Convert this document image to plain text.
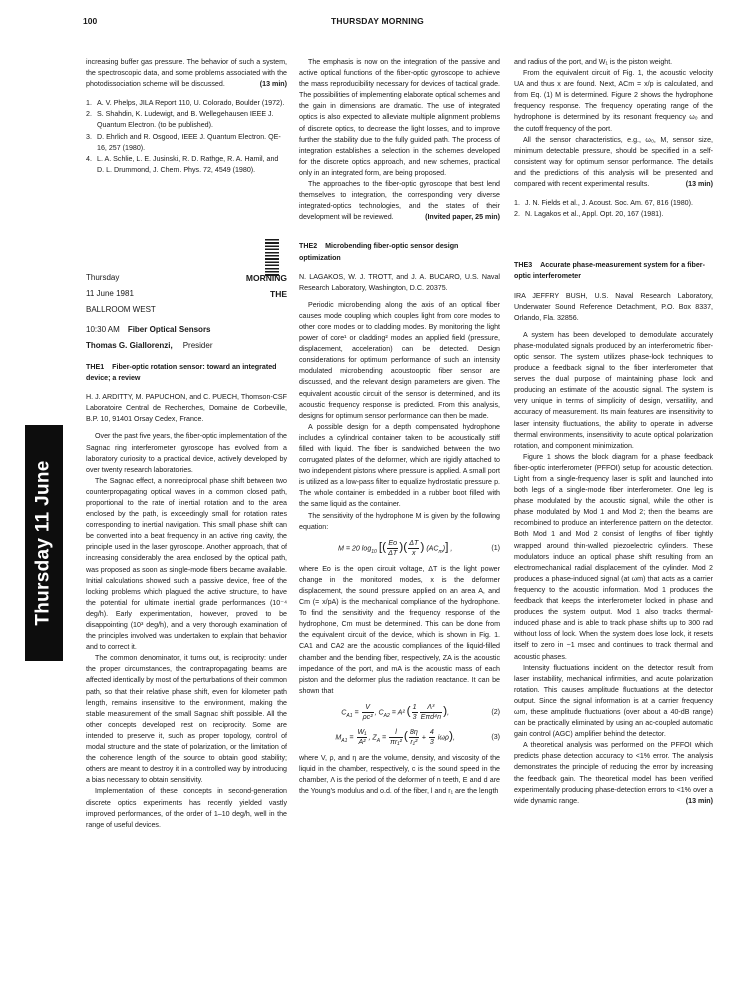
100	THURSDAY MORNING
Thursday 11 June

increasing buffer gas pressure. The behavior of such a system, the spectroscopic data, and some problems associated with the photodissociation scheme will be discussed.	(13 min)

1. A. V. Phelps, JILA Report 110, U. Colorado, Boulder (1972).
2. S. Shahdin, K. Ludewigt, and B. Wellegehausen IEEE J. Quantum Electron. (to be published).
3. D. Ehrlich and R. Osgood, IEEE J. Quantum Electron. QE-16, 257 (1980).
4. L. A. Schlie, L. E. Jusinski, R. D. Rathge, R. A. Hamil, and D. L. Drummond, J. Chem. Phys. 72, 4549 (1980).
Thursday	MORNING
11 June 1981	THE
BALLROOM WEST
10:30 AM Fiber Optical Sensors
Thomas G. Giallorenzi, Presider

THE1 Fiber-optic rotation sensor: toward an integrated device; a review

H. J. ARDITTY, M. PAPUCHON, and C. PUECH, Thomson-CSF Laboratoire Central de Recherches, Domaine de Corbeville, B.P. 10, 91401 Orsay Cedex, France.

Over the past five years, the fiber-optic implementation of the Sagnac ring interferometer gyroscope has evolved from a laboratory curiosity to a practical device, actively developed by over twenty research laboratories.

The Sagnac effect, a nonreciprocal phase shift between two counterpropagating optical waves in a common closed path, proportional to the rate of inertial rotation and to the area enclosed by the path, is exceedingly small for rotation rates corresponding to inertial navigation. This small phase shift can be converted into a beat frequency in an active ring cavity, the principle used in the laser gyroscope. Another approach, that of increasing considerably the area enclosed by the optical path, was proposed as soon as single-mode fibers became available. Initial calculations showed such a passive device, free of the locking problems which plagued the active structure, to have the potential for ultimate inertial grade performances (10⁻⁴ deg/h). Early experimentation, however, proved to be disappointing (10³ deg/h), and a very thorough examination of the principles involved was undertaken to explain that behavior and to correct it.

The common denominator, it turns out, is reciprocity: under the proper circumstances, the contrapropagating beams are affected identically by most of the perturbations of their common path, so that their relative phase shift, even for kilometer path length, remains insensitive to the environment, making the stable measurement of the small Sagnac shift possible. All the other concepts developed rest on reciprocity. Some are intended to preserve it, such as proper topology, control of modal structure and the state of polarization, or the limitation of the coherence length of the source to obtain good stability; others are meant to destroy it in a controlled way by introducing a bias necessary to obtain sensitivity.

Implementation of these concepts in second-generation discrete optics experiments has recently yielded vastly improved performances, of the order of 1–10 deg/h, well in the range of useful devices.

The emphasis is now on the integration of the passive and active optical functions of the fiber-optic gyroscope to achieve the mass reproducibility necessary for devices of tactical grade. The possibilities of implementing elaborate optical schemes and the gain in dimensions are dramatic. The use of integrated optics is also expected to alleviate multiple alignment problems of discrete optics, to decrease the light losses, and to improve further the stability due to the fully guided path. The process of integration establishes a selection in the schemes developed for the discrete optics approach, and new schemes, practical only in an integrated form, are being proposed.

The approaches to the fiber-optic gyroscope that best lend themselves to integration, the corresponding very diverse integrated-optics technologies, and the states of their development will be reviewed.	(Invited paper, 25 min)

THE2 Microbending fiber-optic sensor design optimization

N. LAGAKOS, W. J. TROTT, and J. A. BUCARO, U.S. Naval Research Laboratory, Washington, D.C. 20375.

Periodic microbending along the axis of an optical fiber causes mode coupling which couples light from core modes to other core modes or to cladding modes. By monitoring the light power of core¹ or cladding² modes an applied field (pressure, displacement, acceleration) can be detected. Design considerations for optimum performance of such an intensity modulated microbending acoustooptic fiber sensor are discussed, and the relevant design parameters are given. The equivalent acoustic circuit of the sensor is determined, and its acoustic frequency response is predicted. From this analysis, designs for optimum sensor performance can then be made.

A possible design for a depth compensated hydrophone includes a cylindrical container taken to be acoustically stiff filled with liquid. The fiber is sandwiched between the two corrugated plates of the deformer, which are rigidly attached to two independent pistons where pressure is applied. A small port is utilized as a low-pass filter to equalize hydrostatic pressure p. The whole container is embedded in a rubber boot filled with the same liquid as the container.

The sensitivity of the hydrophone M is given by the following equation:

M = 20 $\log_{10}$ [( $\frac{Eo}{\Delta T}$ )( $\frac{\Delta T}{x}$ ) $(AC_m)$] ,	(1)

where Eo is the open circuit voltage, ΔT is the light power change in the monitored modes, x is the deformer displacement, the sound pressure applied on an area A, and Cm (= x/pA) is the mechanical compliance of the hydrophone. To find the sensitivity and the frequency response of the hydrophone, Cm must be determined. This can be done from the equivalent circuit of the device, which is shown in Fig. 1. CA1 and CA2 are the acoustic compliances of the liquid-filled chamber and the bending fiber, respectively, ZA is the acoustic impedance of the port, and mA is the acoustic mass of each piston and the deformer plus the radiation reactance. It can be shown that

$C_{A1} = \frac{V}{\text{ρc²}}$ , $C_{A2} = A^2$ ( $\frac{1}{3} \frac{\text{Λ³}}{\text{Eπd⁴n}}$ ),	(2)
$M_{A1} = \frac{\text{W₁}}{\text{A²}}$ , $Z_A = \frac{l}{\text{πr₁²}}$ ( $\frac{8\eta}{\text{r₁²}} + \frac{4}{3} i\omega\rho$),	(3)

where V, ρ, and η are the volume, density, and viscosity of the liquid in the chamber, respectively, c is the sound speed in the chamber, Λ is the period of the deformer of n teeth, E and d are the Young's modulus and o.d. of the fiber, l and r₁ are the length

and radius of the port, and W₁ is the piston weight.

From the equivalent circuit of Fig. 1, the acoustic velocity UA and thus x are found. Next, ACm = x/p is calculated, and from Eq. (1) M is determined. Figure 2 shows the hydrophone frequency response. The frequency operating range of the hydrophone is determined by its resonant frequency ω₀ and the cutoff frequency of the port.

All the sensor characteristics, e.g., ω₀, M, sensor size, minimum detectable pressure, should be specified in a self-consistent way for optimum sensor performance. The details and the predictions of this analysis will be presented and compared with recent experimental results.	(13 min)

1. J. N. Fields et al., J. Acoust. Soc. Am. 67, 816 (1980).
2. N. Lagakos et al., Appl. Opt. 20, 167 (1981).

THE3 Accurate phase-measurement system for a fiber-optic interferometer

IRA JEFFRY BUSH, U.S. Naval Research Laboratory, Underwater Sound Reference Detachment, P.O. Box 8337, Orlando, Fla. 32856.

A system has been developed to demodulate accurately phase-modulated signals produced by an interferometric fiber-optic sensor. The system utilizes phase-lock techniques to produce a feedback signal to the fiber interferometer that serves the dual purpose of maintaining phase lock and producing an estimate of the acoustic signal. The system is very unique in terms of simplicity of design, versatility, and accuracy of measurement. Its main features are insensitivity to laser intensity fluctuations, the ability to operate in adverse thermal environments, insensitivity to acute optical polarization rotation, and component minimization.

Figure 1 shows the block diagram for a phase feedback fiber-optic interferometer (PFFOI) setup for acoustic detection. Light from a single-frequency laser is split and launched into both legs of a single-mode fiber interferometer. One leg is phase modulated by the acoustic signal, while the other is phase modulated by Mod 1 and Mod 2; then the beams are recombined to produce an interference pattern on the detector. Both Mod 1 and Mod 2 consist of lengths of fiber tightly wrapped around thin-walled piezoelectric cylinders. These modulators induce an optical phase shift resulting from an electromechanical radial displacement of the cylinder. Mod 2 produces a phase-induced signal (at ωm) that acts as a carrier frequency to the acoustic information. Mod 1 produces the feedback that keeps the interferometer locked in phase and produces the system output. Mod 1 also tracks thermal-induced phase and is able to track phase shifts up to 300 rad without loss of lock. When the system does lose lock, it resets itself to zero in ~1 msec and continues to track thermal and acoustic phases.

Intensity fluctuations incident on the detector result from laser instability, mechanical infirmities, and acute polarization rotation. This causes amplitude fluctuations at the detector output. Since the signal information is at a carrier frequency ωm, these amplitude fluctuations (over about a 40-dB range) can be practically eliminated by using an ac-coupled automatic gain control (AGC) amplifier behind the detector.

A theoretical analysis was performed on the PFFOI which predicts phase detection accuracy to <1% error. The analysis demonstrates the principle of reducing the error by increasing the feedback gain. The theoretical model has been verified experimentally producing phase-detection errors to <1% over a wide dynamic range.	(13 min)
